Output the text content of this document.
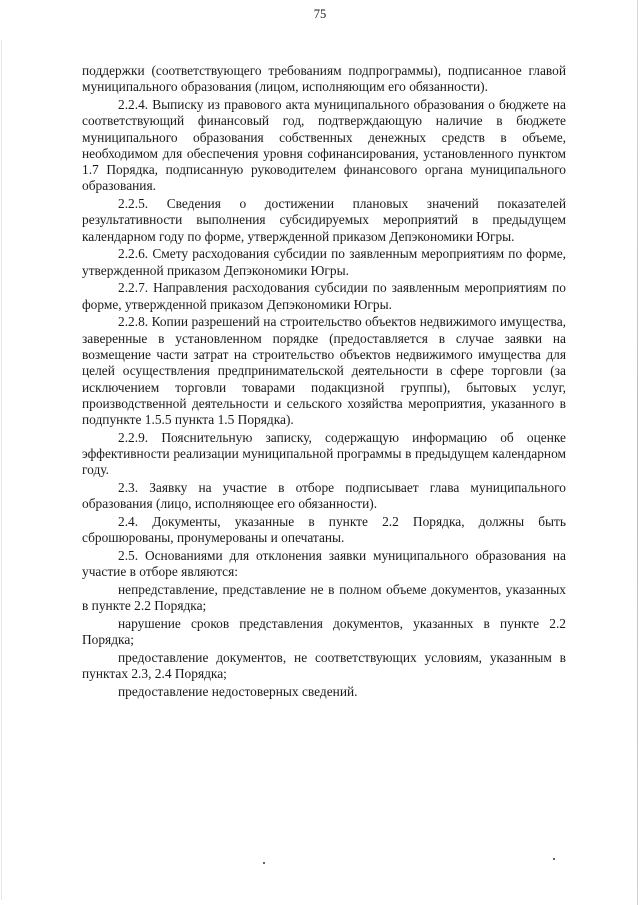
75

поддержки (соответствующего требованиям подпрограммы), подписанное главой муниципального образования (лицом, исполняющим его обязанности).

2.2.4. Выписку из правового акта муниципального образования о бюджете на соответствующий финансовый год, подтверждающую наличие в бюджете муниципального образования собственных денежных средств в объеме, необходимом для обеспечения уровня софинансирования, установленного пунктом 1.7 Порядка, подписанную руководителем финансового органа муниципального образования.

2.2.5. Сведения о достижении плановых значений показателей результативности выполнения субсидируемых мероприятий в предыдущем календарном году по форме, утвержденной приказом Депэкономики Югры.

2.2.6. Смету расходования субсидии по заявленным мероприятиям по форме, утвержденной приказом Депэкономики Югры.

2.2.7. Направления расходования субсидии по заявленным мероприятиям по форме, утвержденной приказом Депэкономики Югры.

2.2.8. Копии разрешений на строительство объектов недвижимого имущества, заверенные в установленном порядке (предоставляется в случае заявки на возмещение части затрат на строительство объектов недвижимого имущества для целей осуществления предпринимательской деятельности в сфере торговли (за исключением торговли товарами подакцизной группы), бытовых услуг, производственной деятельности и сельского хозяйства мероприятия, указанного в подпункте 1.5.5 пункта 1.5 Порядка).

2.2.9. Пояснительную записку, содержащую информацию об оценке эффективности реализации муниципальной программы в предыдущем календарном году.

2.3. Заявку на участие в отборе подписывает глава муниципального образования (лицо, исполняющее его обязанности).

2.4. Документы, указанные в пункте 2.2 Порядка, должны быть сброшюрованы, пронумерованы и опечатаны.

2.5. Основаниями для отклонения заявки муниципального образования на участие в отборе являются:

непредставление, представление не в полном объеме документов, указанных в пункте 2.2 Порядка;

нарушение сроков представления документов, указанных в пункте 2.2 Порядка;

предоставление документов, не соответствующих условиям, указанным в пунктах 2.3, 2.4 Порядка;

предоставление недостоверных сведений.
